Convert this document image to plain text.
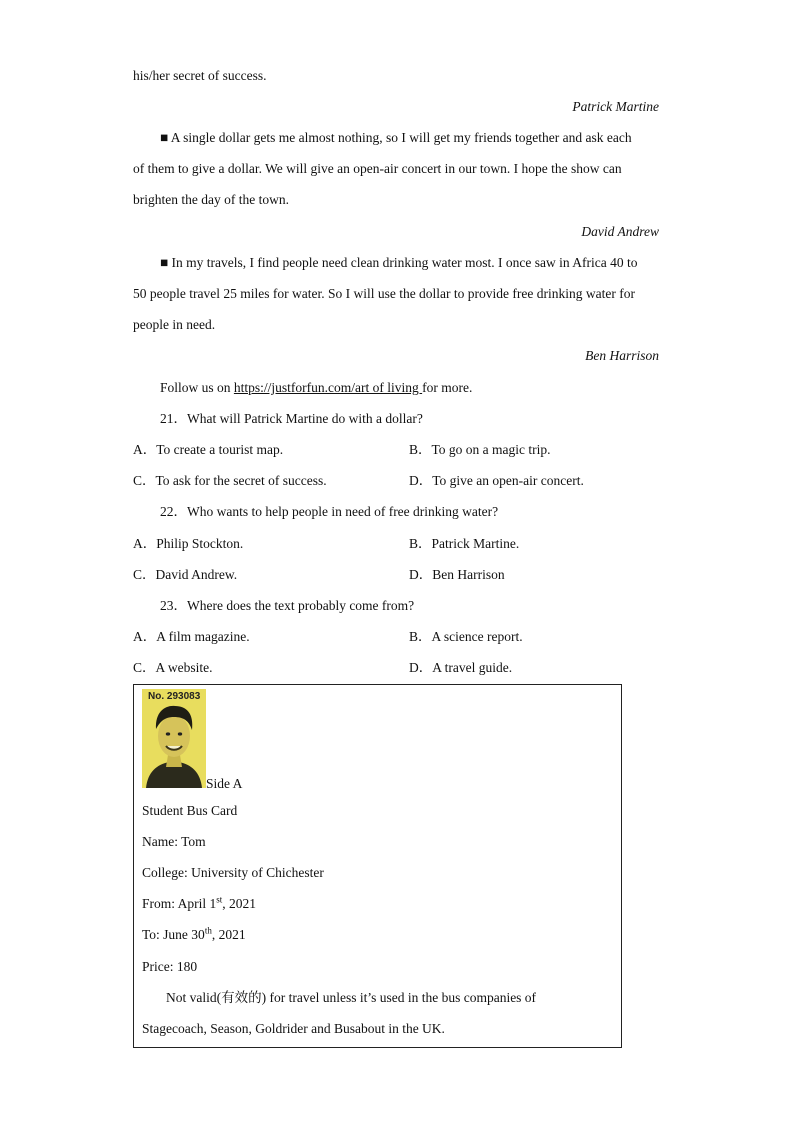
his/her secret of success.
Patrick Martine
■ A single dollar gets me almost nothing, so I will get my friends together and ask each
of them to give a dollar. We will give an open-air concert in our town. I hope the show can
brighten the day of the town.
David Andrew
■ In my travels, I find people need clean drinking water most. I once saw in Africa 40 to
50 people travel 25 miles for water. So I will use the dollar to provide free drinking water for
people in need.
Ben Harrison
Follow us on https://justforfun.com/art of living for more.
21．What will Patrick Martine do with a dollar?
A．To create a tourist map.	B．To go on a magic trip.
C．To ask for the secret of success.	D．To give an open-air concert.
22．Who wants to help people in need of free drinking water?
A．Philip Stockton.	B．Patrick Martine.
C．David Andrew.	D．Ben Harrison
23．Where does the text probably come from?
A．A film magazine.	B．A science report.
C．A website.	D．A travel guide.
No. 293083
Side A
Student Bus Card
Name: Tom
College: University of Chichester
From: April 1st, 2021
To: June 30th, 2021
Price: 180
Not valid(有效的) for travel unless it’s used in the bus companies of
Stagecoach, Season, Goldrider and Busabout in the UK.
